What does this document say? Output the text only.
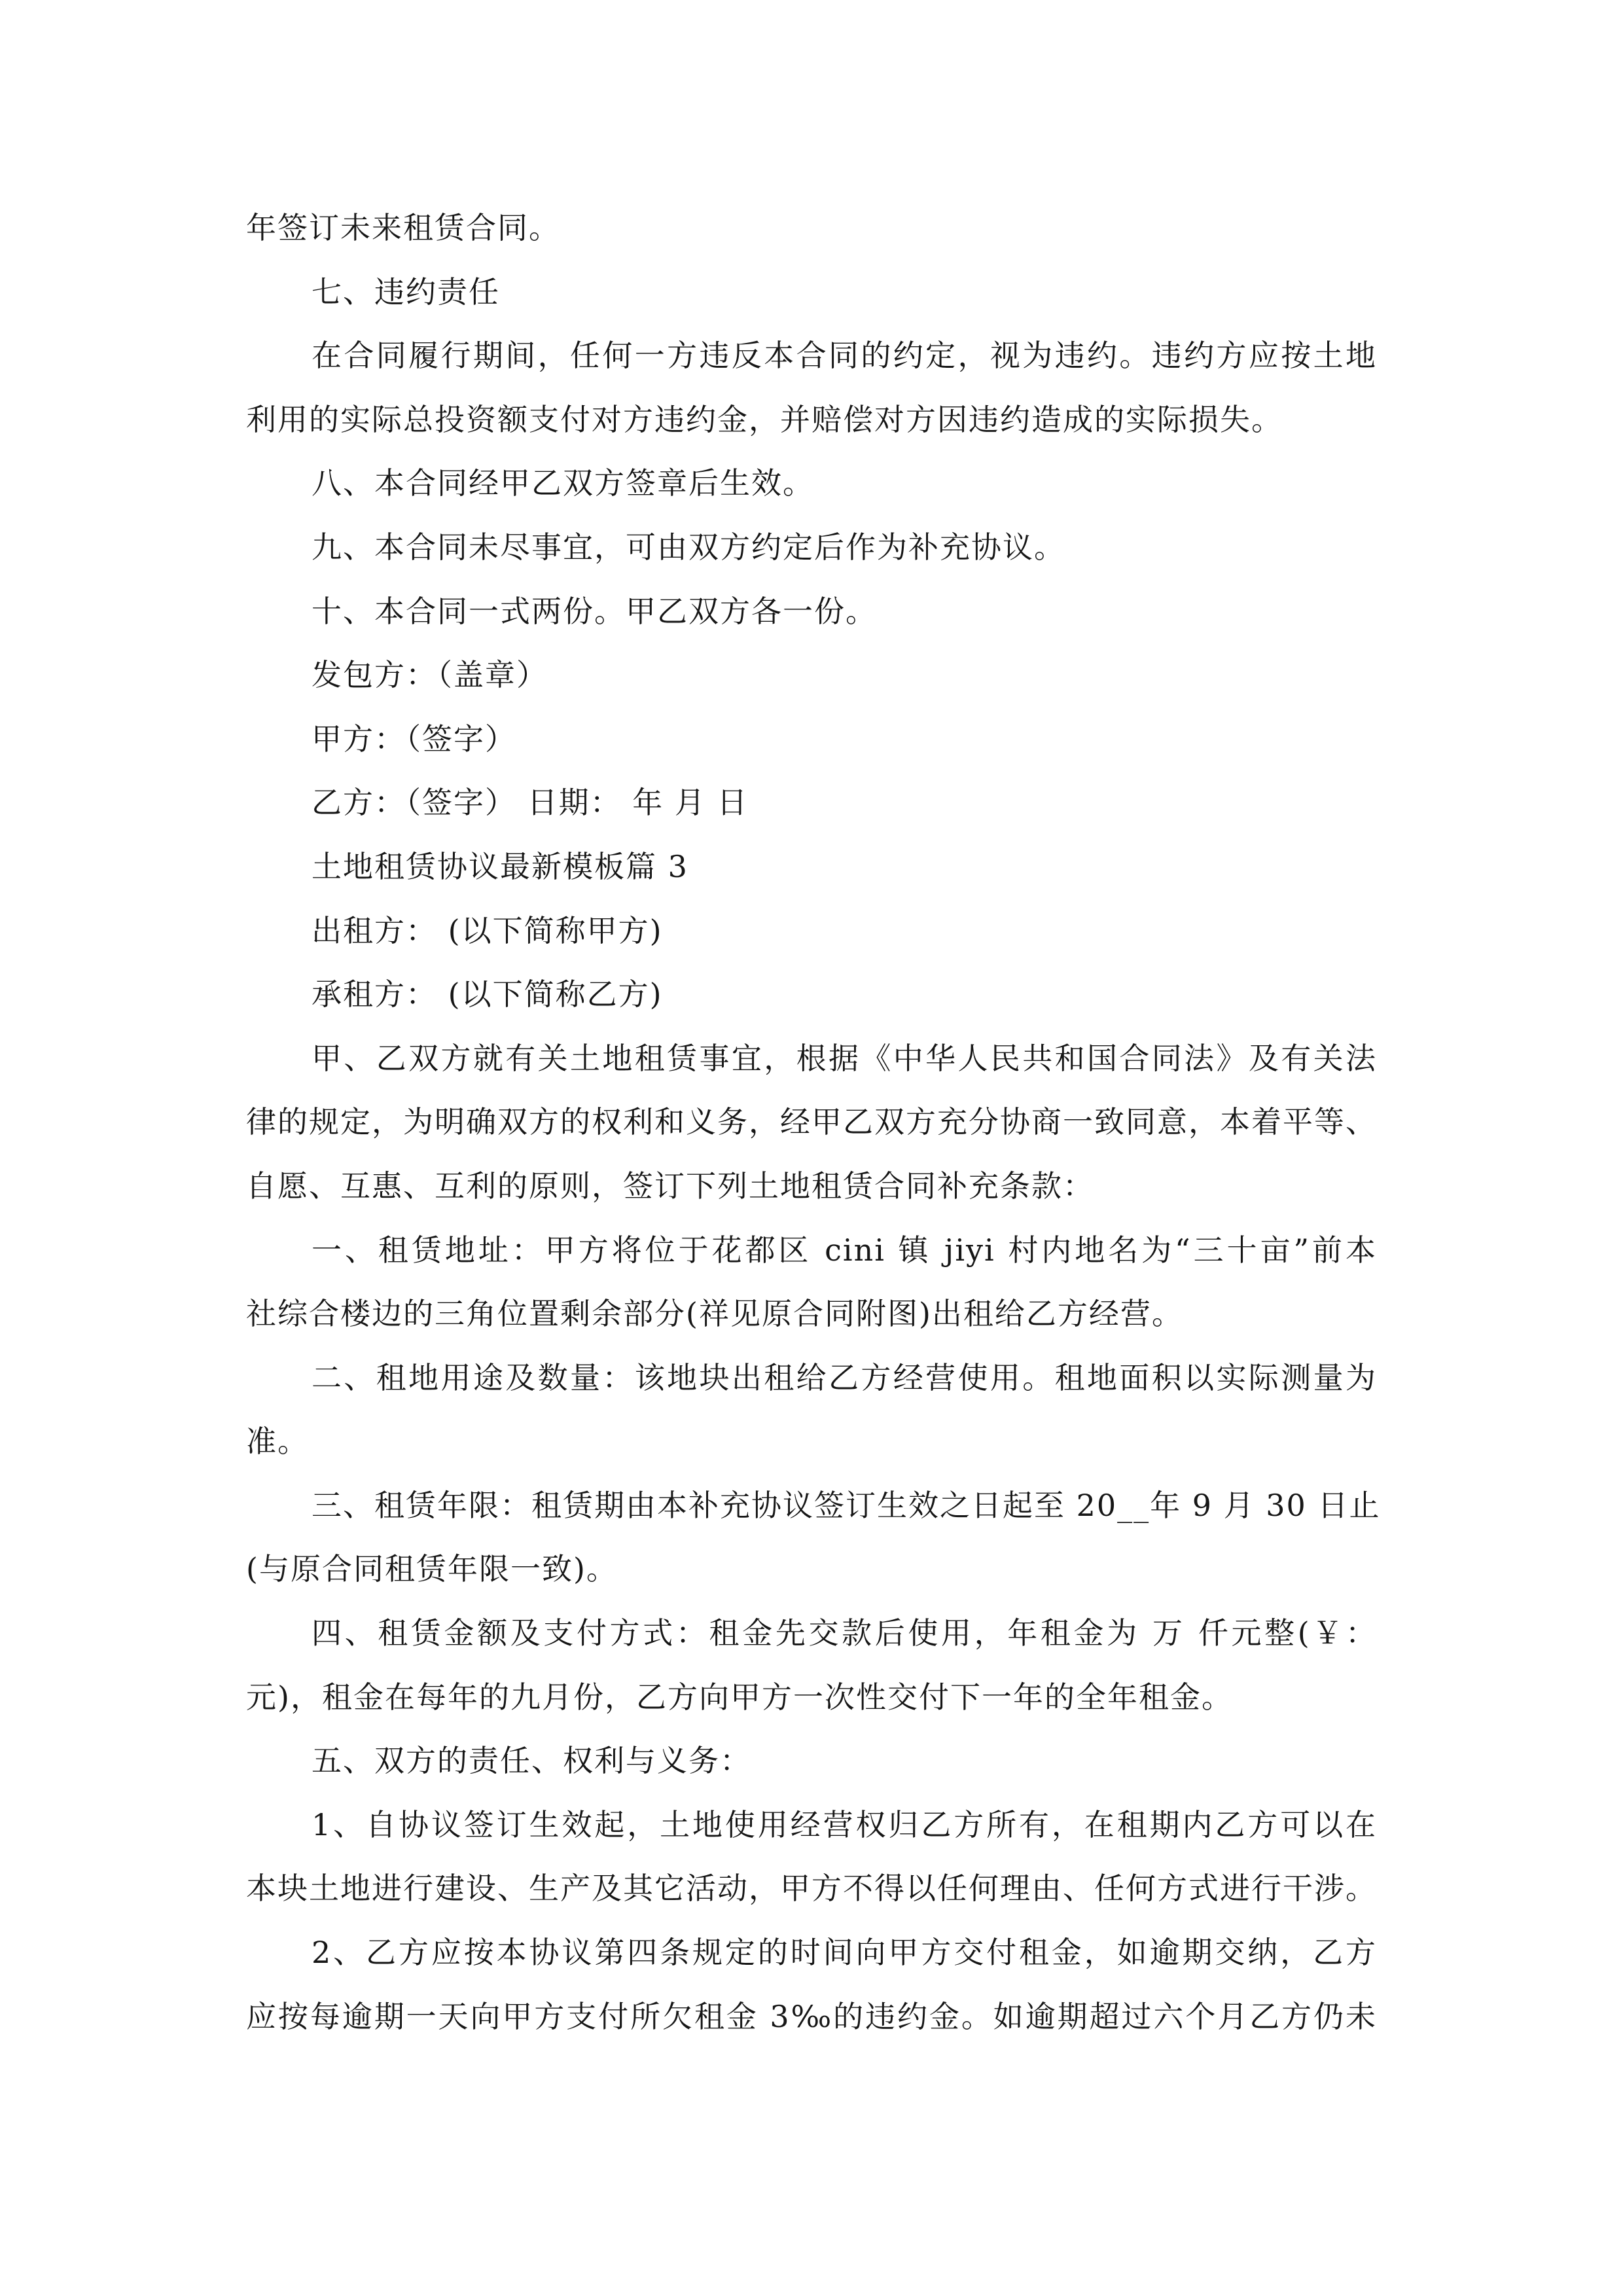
年签订未来租赁合同。
七、违约责任
在合同履行期间，任何一方违反本合同的约定，视为违约。违约方应按土地
利用的实际总投资额支付对方违约金，并赔偿对方因违约造成的实际损失。
八、本合同经甲乙双方签章后生效。
九、本合同未尽事宜，可由双方约定后作为补充协议。
十、本合同一式两份。甲乙双方各一份。
发包方：（盖章）
甲方：（签字）
乙方：（签字） 日期： 年 月 日
土地租赁协议最新模板篇 3
出租方： (以下简称甲方)
承租方： (以下简称乙方)
甲、乙双方就有关土地租赁事宜，根据《中华人民共和国合同法》及有关法
律的规定，为明确双方的权利和义务，经甲乙双方充分协商一致同意，本着平等、
自愿、互惠、互利的原则，签订下列土地租赁合同补充条款：
一、租赁地址：甲方将位于花都区 cini 镇 jiyi 村内地名为“三十亩”前本
社综合楼边的三角位置剩余部分(祥见原合同附图)出租给乙方经营。
二、租地用途及数量：该地块出租给乙方经营使用。租地面积以实际测量为
准。
三、租赁年限：租赁期由本补充协议签订生效之日起至 20__年 9 月 30 日止
(与原合同租赁年限一致)。
四、租赁金额及支付方式：租金先交款后使用，年租金为 万 仟元整(￥：
元)，租金在每年的九月份，乙方向甲方一次性交付下一年的全年租金。
五、双方的责任、权利与义务：
1、自协议签订生效起，土地使用经营权归乙方所有，在租期内乙方可以在
本块土地进行建设、生产及其它活动，甲方不得以任何理由、任何方式进行干涉。
2、乙方应按本协议第四条规定的时间向甲方交付租金，如逾期交纳，乙方
应按每逾期一天向甲方支付所欠租金 3‰的违约金。如逾期超过六个月乙方仍未
